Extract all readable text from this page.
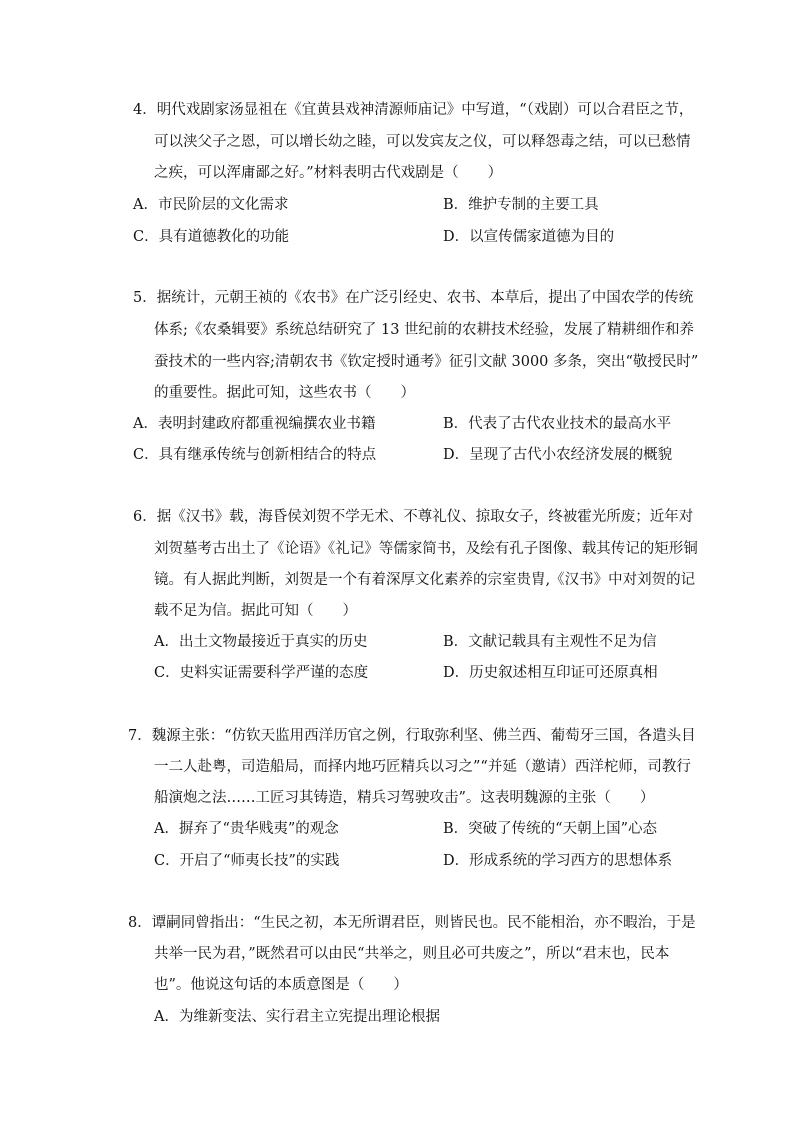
4．明代戏剧家汤显祖在《宜黄县戏神清源师庙记》中写道，“（戏剧）可以合君臣之节，
可以浃父子之恩，可以增长幼之睦，可以发宾友之仪，可以释怨毒之结，可以已愁情
之疾，可以浑庸鄙之好。”材料表明古代戏剧是（　　）
A．市民阶层的文化需求	B．维护专制的主要工具
C．具有道德教化的功能	D．以宣传儒家道德为目的
5．据统计，元朝王祯的《农书》在广泛引经史、农书、本草后，提出了中国农学的传统
体系;《农桑辑要》系统总结研究了 13 世纪前的农耕技术经验，发展了精耕细作和养
蚕技术的一些内容;清朝农书《钦定授时通考》征引文献 3000 多条，突出“敬授民时”
的重要性。据此可知，这些农书（　　）
A．表明封建政府都重视编撰农业书籍	B．代表了古代农业技术的最高水平
C．具有继承传统与创新相结合的特点	D．呈现了古代小农经济发展的概貌
6．据《汉书》载，海昏侯刘贺不学无术、不尊礼仪、掠取女子，终被霍光所废；近年对
刘贺墓考古出土了《论语》《礼记》等儒家简书，及绘有孔子图像、载其传记的矩形铜
镜。有人据此判断，刘贺是一个有着深厚文化素养的宗室贵胄,《汉书》中对刘贺的记
载不足为信。据此可知（　　）
A．出土文物最接近于真实的历史	B．文献记载具有主观性不足为信
C．史料实证需要科学严谨的态度	D．历史叙述相互印证可还原真相
7．魏源主张：“仿钦天监用西洋历官之例，行取弥利坚、佛兰西、葡萄牙三国，各遣头目
一二人赴粤，司造船局，而择内地巧匠精兵以习之”“并延（邀请）西洋柁师，司教行
船演炮之法……工匠习其铸造，精兵习驾驶攻击”。这表明魏源的主张（　　）
A．摒弃了“贵华贱夷”的观念	B．突破了传统的“天朝上国”心态
C．开启了“师夷长技”的实践	D．形成系统的学习西方的思想体系
8．谭嗣同曾指出：“生民之初，本无所谓君臣，则皆民也。民不能相治，亦不暇治，于是
共举一民为君，”既然君可以由民“共举之，则且必可共废之”，所以“君末也，民本
也”。他说这句话的本质意图是（　　）
A．为维新变法、实行君主立宪提出理论根据
